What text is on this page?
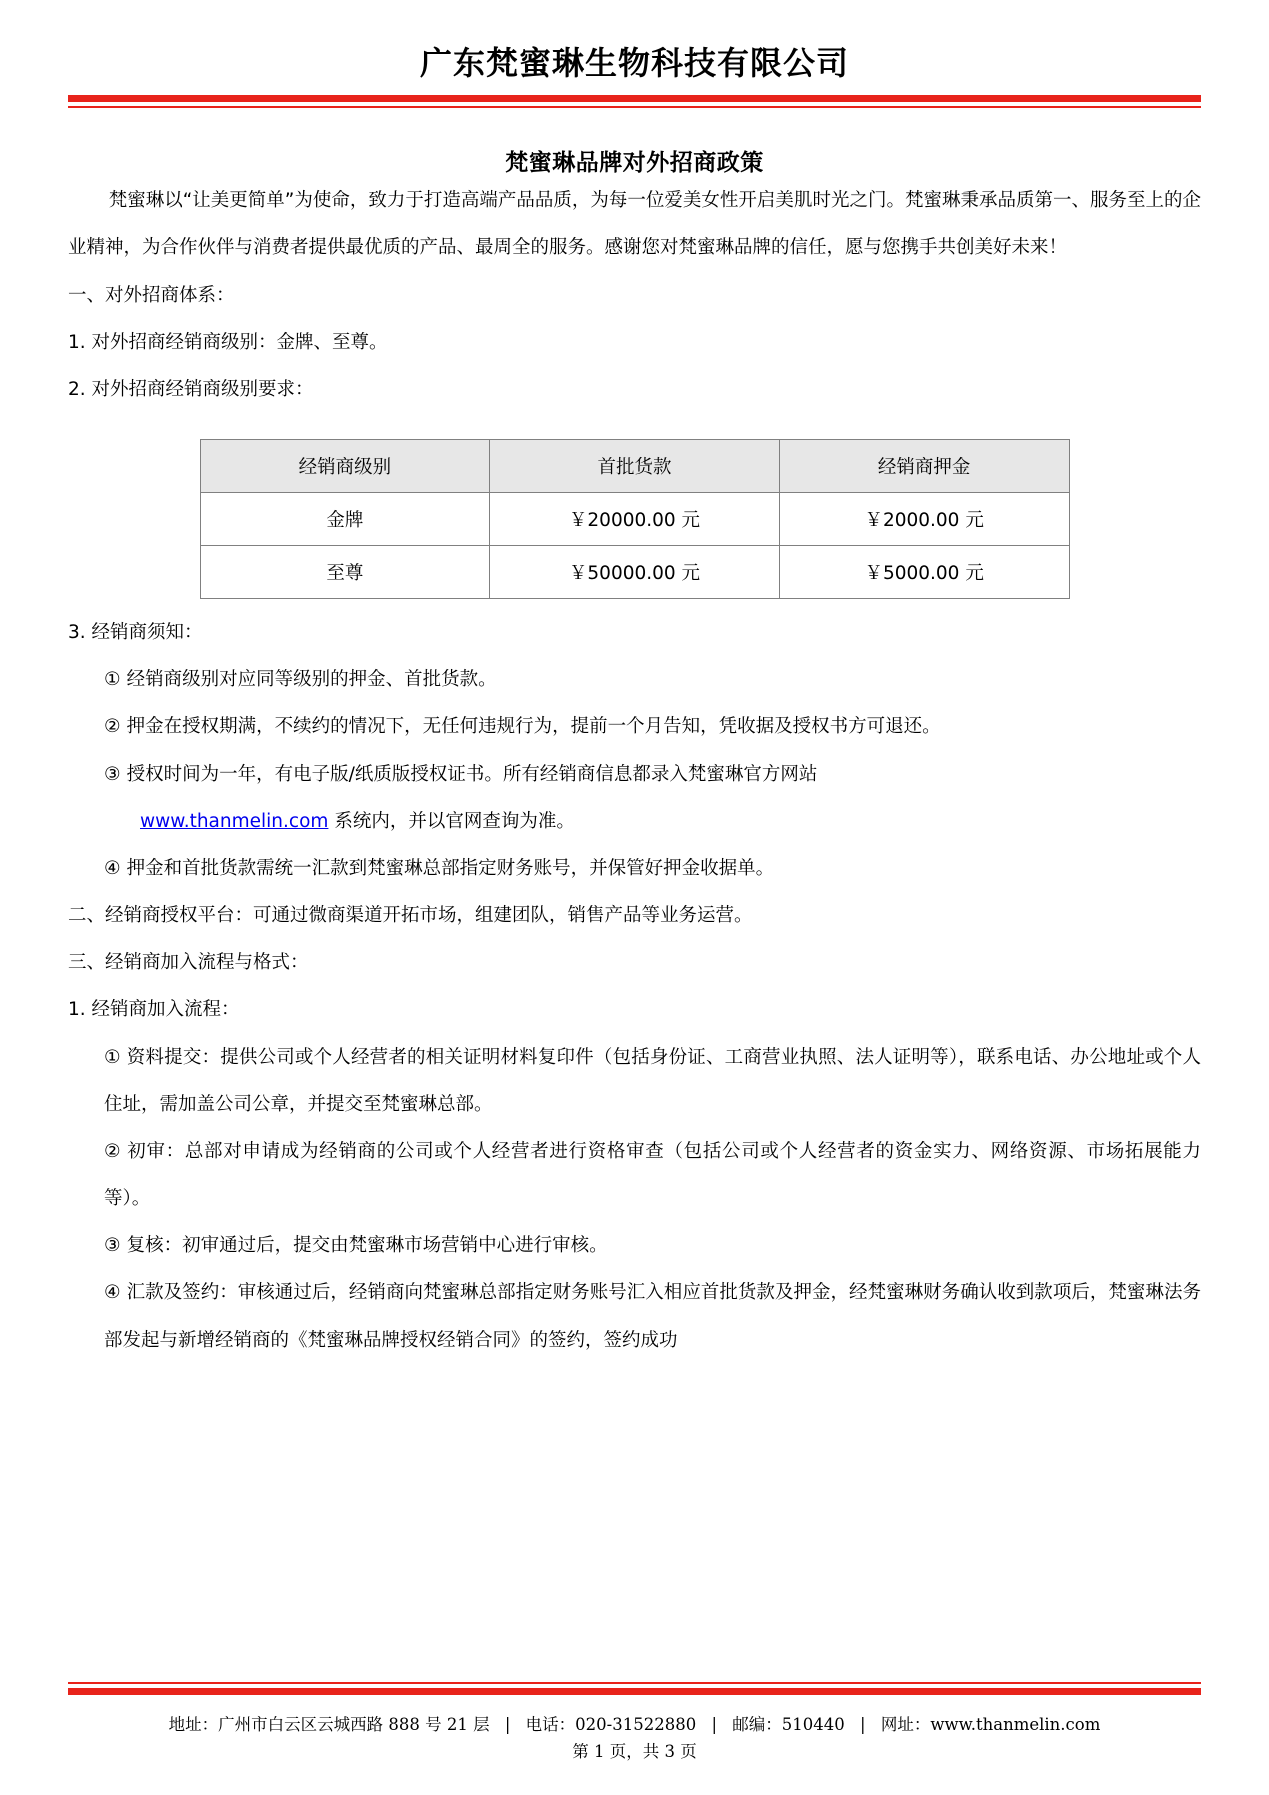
广东梵蜜琳生物科技有限公司
梵蜜琳品牌对外招商政策

梵蜜琳以“让美更简单”为使命，致力于打造高端产品品质，为每一位爱美女性开启美肌时光之门。梵蜜琳秉承品质第一、服务至上的企业精神，为合作伙伴与消费者提供最优质的产品、最周全的服务。感谢您对梵蜜琳品牌的信任，愿与您携手共创美好未来！

一、对外招商体系：

1. 对外招商经销商级别：金牌、至尊。

2. 对外招商经销商级别要求：

经销商级别	首批货款	经销商押金
金牌	￥20000.00 元	￥2000.00 元
至尊	￥50000.00 元	￥5000.00 元

3. 经销商须知：

① 经销商级别对应同等级别的押金、首批货款。

② 押金在授权期满，不续约的情况下，无任何违规行为，提前一个月告知，凭收据及授权书方可退还。

③ 授权时间为一年，有电子版/纸质版授权证书。所有经销商信息都录入梵蜜琳官方网站
www.thanmelin.com 系统内，并以官网查询为准。

④ 押金和首批货款需统一汇款到梵蜜琳总部指定财务账号，并保管好押金收据单。

二、经销商授权平台：可通过微商渠道开拓市场，组建团队，销售产品等业务运营。

三、经销商加入流程与格式：

1. 经销商加入流程：

① 资料提交：提供公司或个人经营者的相关证明材料复印件（包括身份证、工商营业执照、法人证明等），联系电话、办公地址或个人住址，需加盖公司公章，并提交至梵蜜琳总部。

② 初审：总部对申请成为经销商的公司或个人经营者进行资格审查（包括公司或个人经营者的资金实力、网络资源、市场拓展能力等）。

③ 复核：初审通过后，提交由梵蜜琳市场营销中心进行审核。

④ 汇款及签约：审核通过后，经销商向梵蜜琳总部指定财务账号汇入相应首批货款及押金，经梵蜜琳财务确认收到款项后，梵蜜琳法务部发起与新增经销商的《梵蜜琳品牌授权经销合同》的签约，签约成功

地址：广州市白云区云城西路 888 号 21 层 | 电话：020-31522880 | 邮编：510440 | 网址：www.thanmelin.com
第 1 页，共 3 页
